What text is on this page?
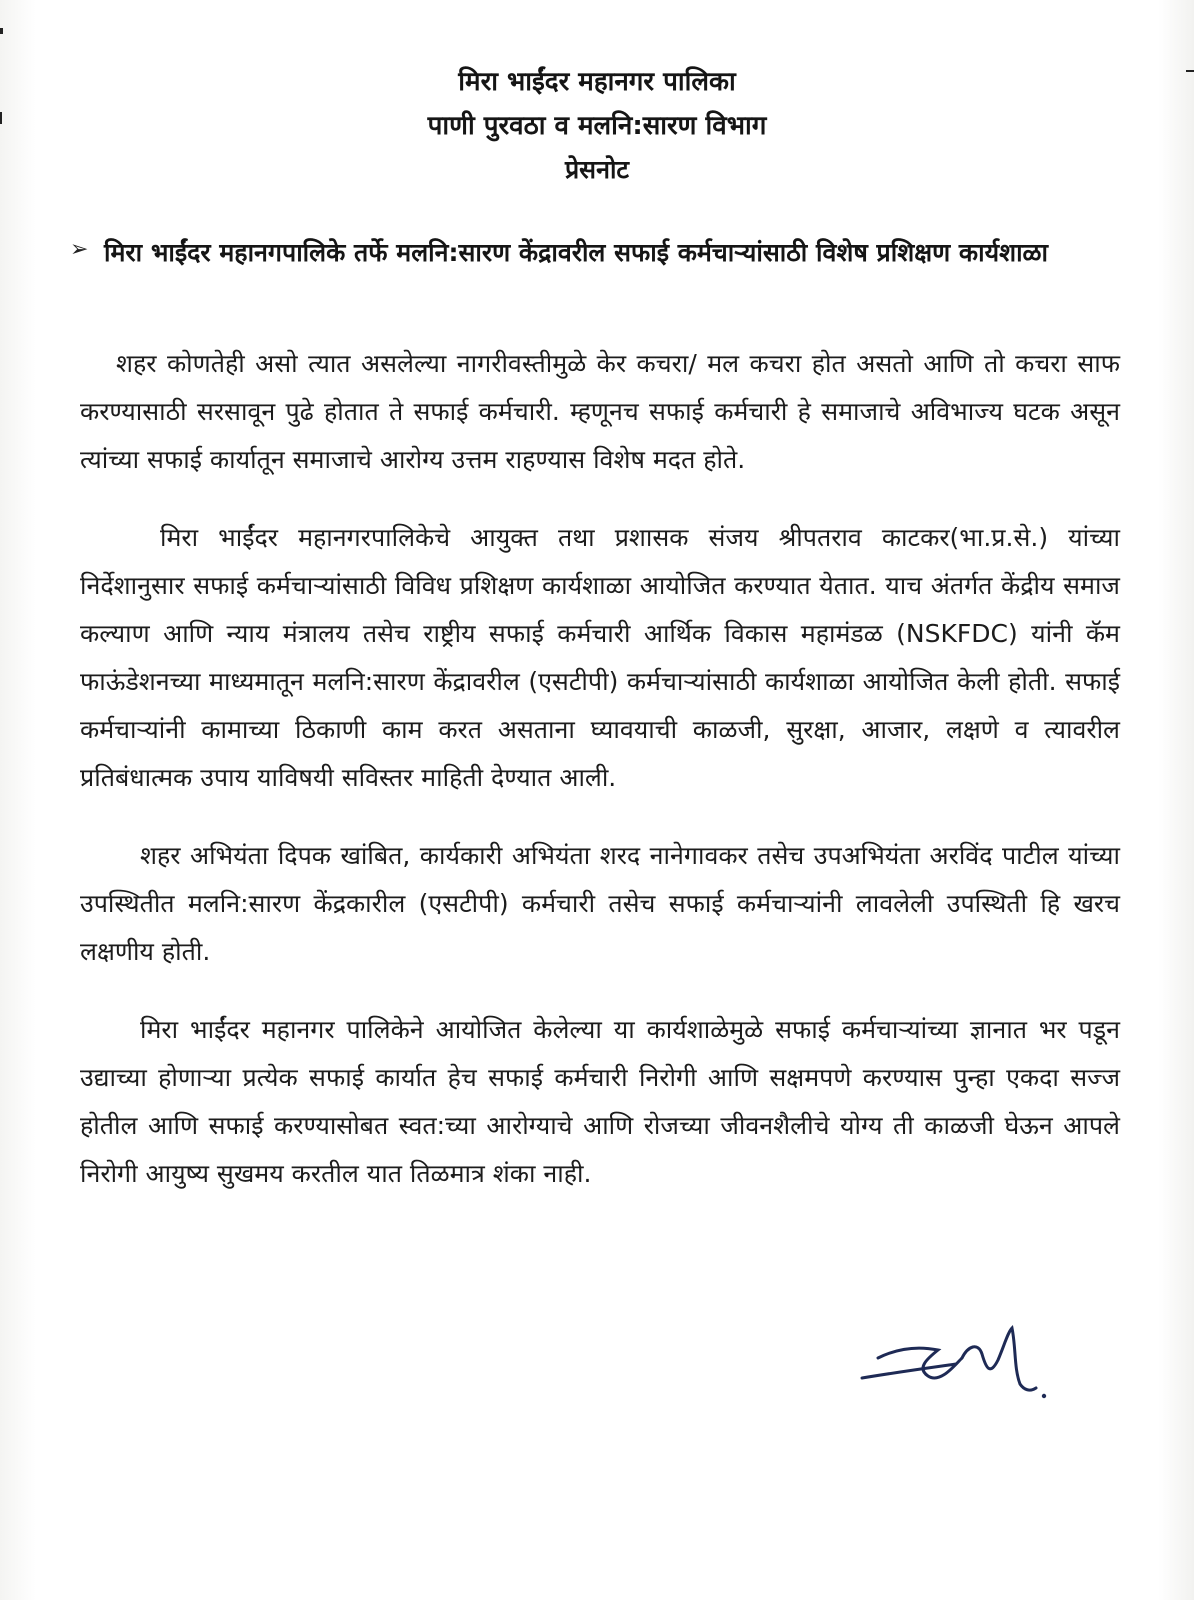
मिरा भाईंदर महानगर पालिका
पाणी पुरवठा व मलनि:सारण विभाग
प्रेसनोट
➢ मिरा भाईंदर महानगपालिके तर्फे मलनि:सारण केंद्रावरील सफाई कर्मचाऱ्यांसाठी विशेष प्रशिक्षण कार्यशाळा

शहर कोणतेही असो त्यात असलेल्या नागरीवस्तीमुळे केर कचरा/ मल कचरा होत असतो आणि तो कचरा साफ करण्यासाठी सरसावून पुढे होतात ते सफाई कर्मचारी. म्हणूनच सफाई कर्मचारी हे समाजाचे अविभाज्य घटक असून त्यांच्या सफाई कार्यातून समाजाचे आरोग्य उत्तम राहण्यास विशेष मदत होते.

मिरा भाईंदर महानगरपालिकेचे आयुक्त तथा प्रशासक संजय श्रीपतराव काटकर(भा.प्र.से.) यांच्या निर्देशानुसार सफाई कर्मचाऱ्यांसाठी विविध प्रशिक्षण कार्यशाळा आयोजित करण्यात येतात. याच अंतर्गत केंद्रीय समाज कल्याण आणि न्याय मंत्रालय तसेच राष्ट्रीय सफाई कर्मचारी आर्थिक विकास महामंडळ (NSKFDC) यांनी कॅम फाऊंडेशनच्या माध्यमातून मलनि:सारण केंद्रावरील (एसटीपी) कर्मचाऱ्यांसाठी कार्यशाळा आयोजित केली होती. सफाई कर्मचाऱ्यांनी कामाच्या ठिकाणी काम करत असताना घ्यावयाची काळजी, सुरक्षा, आजार, लक्षणे व त्यावरील प्रतिबंधात्मक उपाय याविषयी सविस्तर माहिती देण्यात आली.

शहर अभियंता दिपक खांबित, कार्यकारी अभियंता शरद नानेगावकर तसेच उपअभियंता अरविंद पाटील यांच्या उपस्थितीत मलनि:सारण केंद्रकारील (एसटीपी) कर्मचारी तसेच सफाई कर्मचाऱ्यांनी लावलेली उपस्थिती हि खरच लक्षणीय होती.

मिरा भाईंदर महानगर पालिकेने आयोजित केलेल्या या कार्यशाळेमुळे सफाई कर्मचाऱ्यांच्या ज्ञानात भर पडून उद्याच्या होणाऱ्या प्रत्येक सफाई कार्यात हेच सफाई कर्मचारी निरोगी आणि सक्षमपणे करण्यास पुन्हा एकदा सज्ज होतील आणि सफाई करण्यासोबत स्वत:च्या आरोग्याचे आणि रोजच्या जीवनशैलीचे योग्य ती काळजी घेऊन आपले निरोगी आयुष्य सुखमय करतील यात तिळमात्र शंका नाही.
